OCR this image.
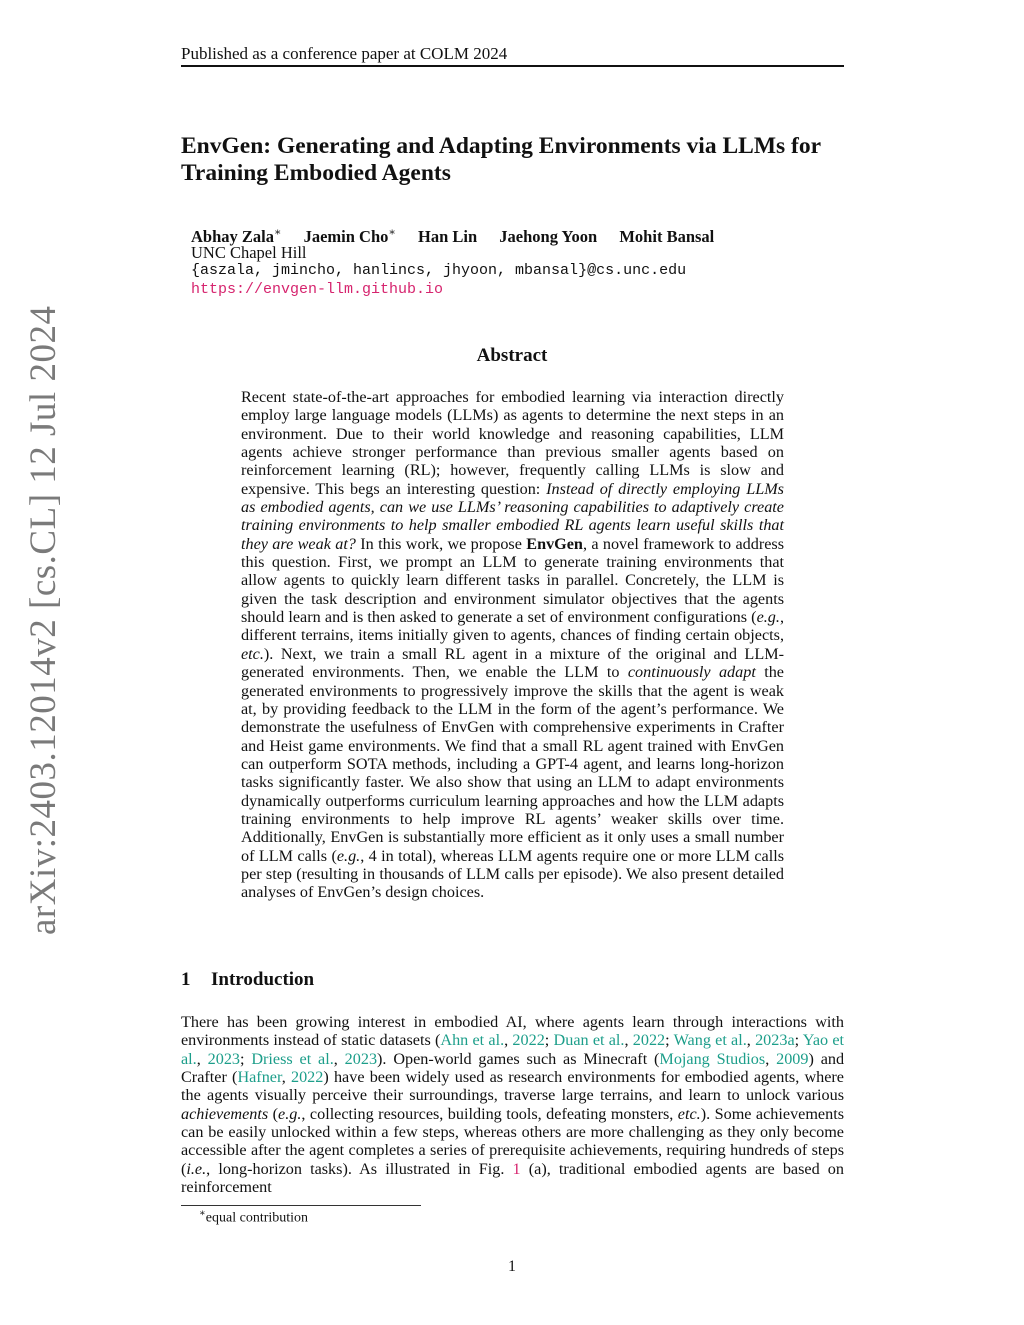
Published as a conference paper at COLM 2024
EnvGen: Generating and Adapting Environments via LLMs for Training Embodied Agents
Abhay Zala∗ Jaemin Cho∗ Han Lin Jaehong Yoon Mohit Bansal
UNC Chapel Hill
{aszala, jmincho, hanlincs, jhyoon, mbansal}@cs.unc.edu
https://envgen-llm.github.io
arXiv:2403.12014v2 [cs.CL] 12 Jul 2024	Abstract
Recent state-of-the-art approaches for embodied learning via interaction directly employ large language models (LLMs) as agents to determine the next steps in an environment. Due to their world knowledge and reasoning capabilities, LLM agents achieve stronger performance than previous smaller agents based on reinforcement learning (RL); however, frequently calling LLMs is slow and expensive. This begs an interesting question: Instead of directly employing LLMs as embodied agents, can we use LLMs’ reasoning capabilities to adaptively create training environments to help smaller embodied RL agents learn useful skills that they are weak at? In this work, we propose EnvGen, a novel framework to address this question. First, we prompt an LLM to generate training environments that allow agents to quickly learn different tasks in parallel. Concretely, the LLM is given the task description and environment simulator objectives that the agents should learn and is then asked to generate a set of environment configurations (e.g., different terrains, items initially given to agents, chances of finding certain objects, etc.). Next, we train a small RL agent in a mixture of the original and LLM-generated environments. Then, we enable the LLM to continuously adapt the generated environments to progressively improve the skills that the agent is weak at, by providing feedback to the LLM in the form of the agent’s performance. We demonstrate the usefulness of EnvGen with comprehensive experiments in Crafter and Heist game environments. We find that a small RL agent trained with EnvGen can outperform SOTA methods, including a GPT-4 agent, and learns long-horizon tasks significantly faster. We also show that using an LLM to adapt environments dynamically outperforms curriculum learning approaches and how the LLM adapts training environments to help improve RL agents’ weaker skills over time. Additionally, EnvGen is substantially more efficient as it only uses a small number of LLM calls (e.g., 4 in total), whereas LLM agents require one or more LLM calls per step (resulting in thousands of LLM calls per episode). We also present detailed analyses of EnvGen’s design choices.
1 Introduction
There has been growing interest in embodied AI, where agents learn through interactions with environments instead of static datasets (Ahn et al., 2022; Duan et al., 2022; Wang et al., 2023a; Yao et al., 2023; Driess et al., 2023). Open-world games such as Minecraft (Mojang Studios, 2009) and Crafter (Hafner, 2022) have been widely used as research environments for embodied agents, where the agents visually perceive their surroundings, traverse large terrains, and learn to unlock various achievements (e.g., collecting resources, building tools, defeating monsters, etc.). Some achievements can be easily unlocked within a few steps, whereas others are more challenging as they only become accessible after the agent completes a series of prerequisite achievements, requiring hundreds of steps (i.e., long-horizon tasks). As illustrated in Fig. 1 (a), traditional embodied agents are based on reinforcement
∗equal contribution
1
